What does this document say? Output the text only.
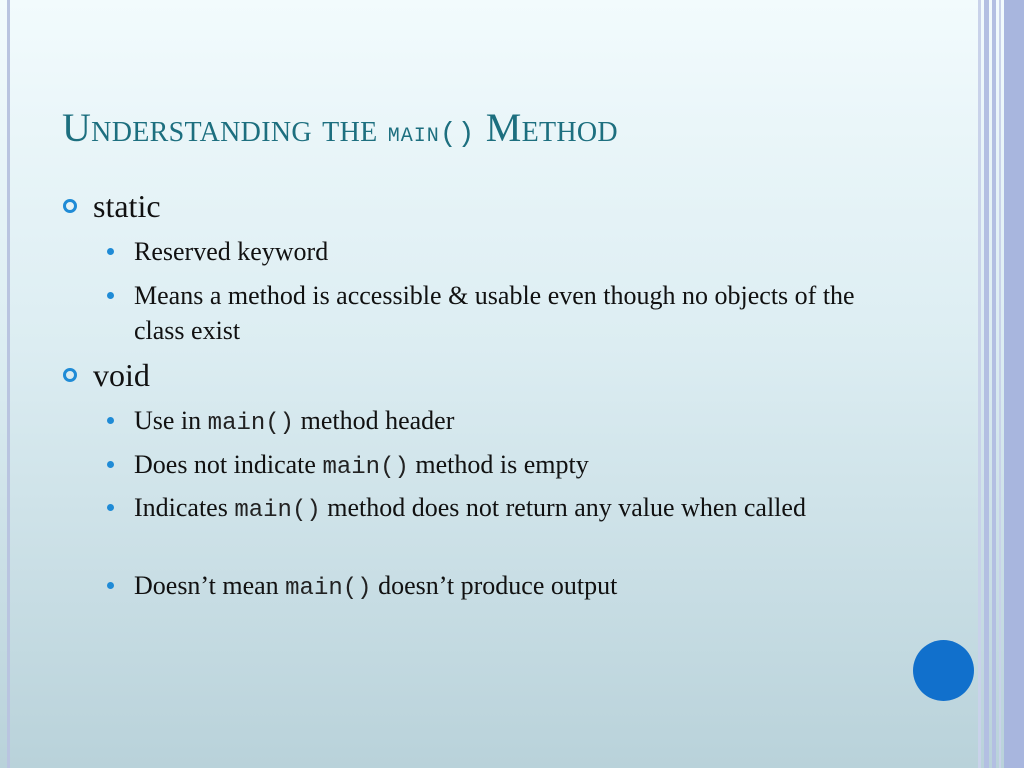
Understanding the main() Method
static
Reserved keyword
Means a method is accessible & usable even though no objects of the class exist
void
Use in main() method header
Does not indicate main() method is empty
Indicates main() method does not return any value when called
Doesn’t mean main() doesn’t produce output
